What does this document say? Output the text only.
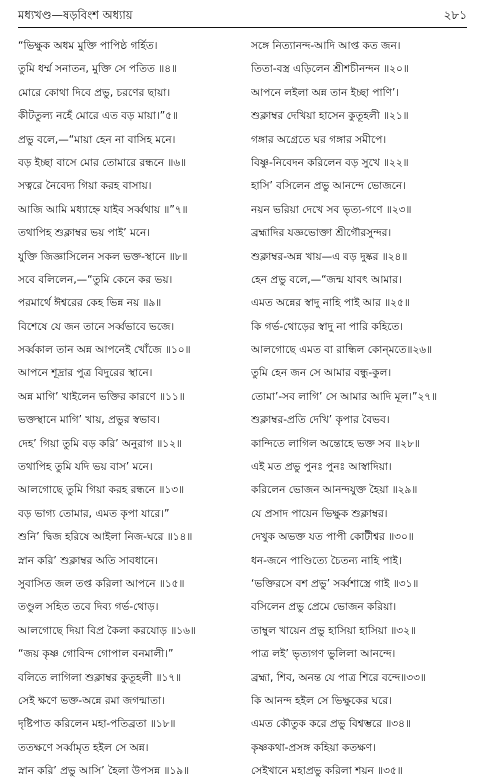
মধ্যখণ্ড—ষড়বিংশ অধ্যায়	২৮১
“ভিক্ষুক অধম মুক্তি পাপিষ্ঠ গর্হিত।
তুমি ধর্ম্ম সনাতন, মুক্তি সে পতিত ॥৪॥
মোরে কোথা দিবে প্রভু, চরণের ছায়া।
কীটতুল্য নহেঁ মোরে এত বড় মায়া।”৫॥
প্রভু বলে,—“মায়া হেন না বাসিহ মনে।
বড় ইচ্ছা বাসে মোর তোমারে রন্ধনে ॥৬॥
সত্বরে নৈবেদ্য গিয়া করহ বাসায়।
আজি আমি মধ্যাহ্নে যাইব সর্ব্বথায় ॥”৭॥
তথাপিহ শুক্লাম্বর ভয় পাই’ মনে।
যুক্তি জিজ্ঞাসিলেন সকল ভক্ত-স্থানে ॥৮॥
সবে বলিলেন,—“তুমি কেনে কর ভয়।
পরমার্থে ঈশ্বরের কেহ ভিন্ন নয় ॥৯॥
বিশেষে যে জন তানে সর্ব্বভাবে ভজে।
সর্ব্বকাল তান অন্ন আপনেই খোঁজে ॥১০॥
আপনে শূদ্রার পুত্র বিদুরের স্থানে।
অন্ন মাগি’ খাইলেন ভক্তির কারণে ॥১১॥
ভক্তস্থানে মাগি’ খায়, প্রভুর স্বভাব।
দেহ’ গিয়া তুমি বড় করি’ অনুরাগ ॥১২॥
তথাপিহ তুমি যদি ভয় বাস’ মনে।
আলগোছে তুমি গিয়া করহ রন্ধনে ॥১৩॥
বড় ভাগ্য তোমার, এমত কৃপা যারে।”
শুনি’ দ্বিজ হরিষে আইলা নিজ-ঘরে ॥১৪॥
স্নান করি’ শুক্লাম্বর অতি সাবধানে।
সুবাসিত জল তপ্ত করিলা আপনে ॥১৫॥
তণ্ডুল সহিত তবে দিব্য গর্ভ-থোড়।
আলগোছে দিয়া বিপ্র কৈলা করযোড় ॥১৬॥
“জয় কৃষ্ণ গোবিন্দ গোপাল বনমালী।”
বলিতে লাগিলা শুক্লাম্বর কুতূহলী ॥১৭॥
সেই ক্ষণে ভক্ত-অন্নে রমা জগন্মাতা।
দৃষ্টিপাত করিলেন মহা-পতিব্রতা ॥১৮॥
ততক্ষণে সর্ব্বামৃত হইল সে অন্ন।
স্নান করি’ প্রভু আসি’ হৈলা উপসন্ন ॥১৯॥
সঙ্গে নিত্যানন্দ-আদি আপ্ত কত জন।
তিতা-বস্ত্র এড়িলেন শ্রীশচীনন্দন ॥২০॥
আপনে লইলা অন্ন তান ইচ্ছা পাণি’।
শুক্লাম্বর দেখিয়া হাসেন কুতূহলী ॥২১॥
গঙ্গার অগ্রেতে ঘর গঙ্গার সমীপে।
বিষ্ণু-নিবেদন করিলেন বড় সুখে ॥২২॥
হাসি’ বসিলেন প্রভু আনন্দে ভোজনে।
নয়ন ভরিয়া দেখে সব ভৃত্য-গণে ॥২৩॥
ব্রহ্মাদির যজ্ঞভোক্তা শ্রীগৌরসুন্দর।
শুক্লাম্বর-অন্ন খায়—এ বড় দুষ্কর ॥২৪॥
হেন প্রভু বলে,—“জন্ম যাবৎ আমার।
এমত অন্নের স্বাদু নাহি পাই আর ॥২৫॥
কি গর্ভ-থোড়ের স্বাদু না পারি কহিতে।
আলগোছে এমত বা রান্ধিল কোন্‌মতে॥২৬॥
তুমি হেন জন সে আমার বন্ধু-কুল।
তোমা’-সব লাগি’ সে আমার আদি মূল।”২৭॥
শুক্লাম্বর-প্রতি দেখি’ কৃপার বৈভব।
কান্দিতে লাগিল অন্তোহে ভক্ত সব ॥২৮॥
এই মত প্রভু পুনঃ পুনঃ আস্বাদিয়া।
করিলেন ভোজন আনন্দযুক্ত হৈয়া ॥২৯॥
যে প্রসাদ পায়েন ভিক্ষুক শুক্লাম্বর।
দেখুক অভক্ত যত পাপী কোটীশ্বর ॥৩০॥
ধন-জনে পাণ্ডিত্যে চৈতন্য নাহি পাই।
‘ভক্তিরসে বশ প্রভু’ সর্ব্বশাস্ত্রে গাই ॥৩১॥
বসিলেন প্রভু প্রেমে ভোজন করিয়া।
তাম্বুল খায়েন প্রভু হাসিয়া হাসিয়া ॥৩২॥
পাত্র লই’ ভৃত্যগণ ভুলিলা আনন্দে।
ব্রহ্মা, শিব, অনন্ত যে পাত্র শিরে বন্দে॥৩৩॥
কি আনন্দ হইল সে ভিক্ষুকের ঘরে।
এমত কৌতুক করে প্রভু বিশ্বম্ভরে ॥৩৪॥
কৃষ্ণকথা-প্রসঙ্গ কহিয়া কতক্ষণ।
সেইখানে মহাপ্রভু করিলা শয়ন ॥৩৫॥
